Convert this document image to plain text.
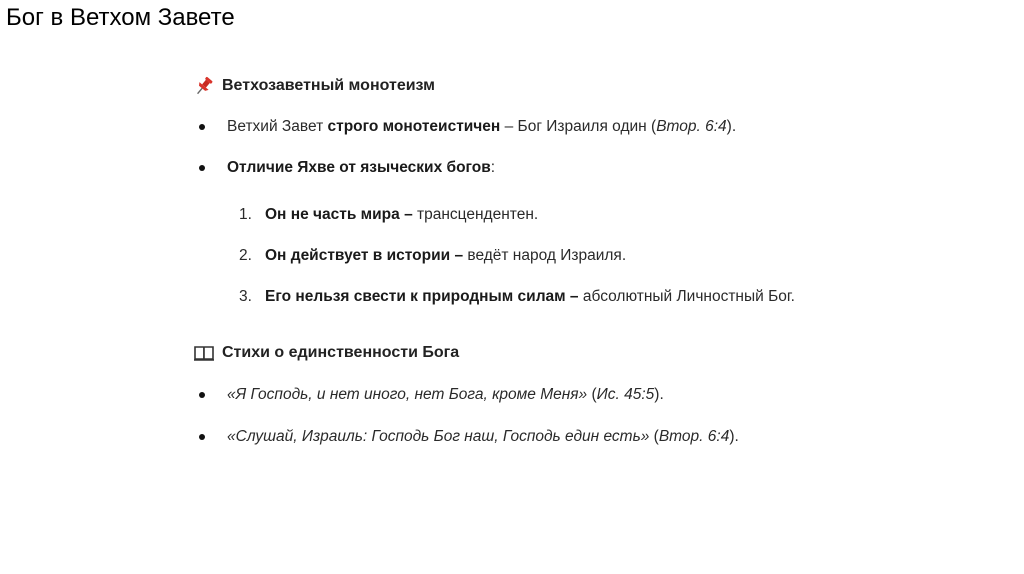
Бог в Ветхом Завете
Ветхозаветный монотеизм
Ветхий Завет строго монотеистичен – Бог Израиля один (Втор. 6:4).
Отличие Яхве от языческих богов:
1. Он не часть мира – трансцендентен.
2. Он действует в истории – ведёт народ Израиля.
3. Его нельзя свести к природным силам – абсолютный Личностный Бог.
Стихи о единственности Бога
«Я Господь, и нет иного, нет Бога, кроме Меня» (Ис. 45:5).
«Слушай, Израиль: Господь Бог наш, Господь един есть» (Втор. 6:4).
